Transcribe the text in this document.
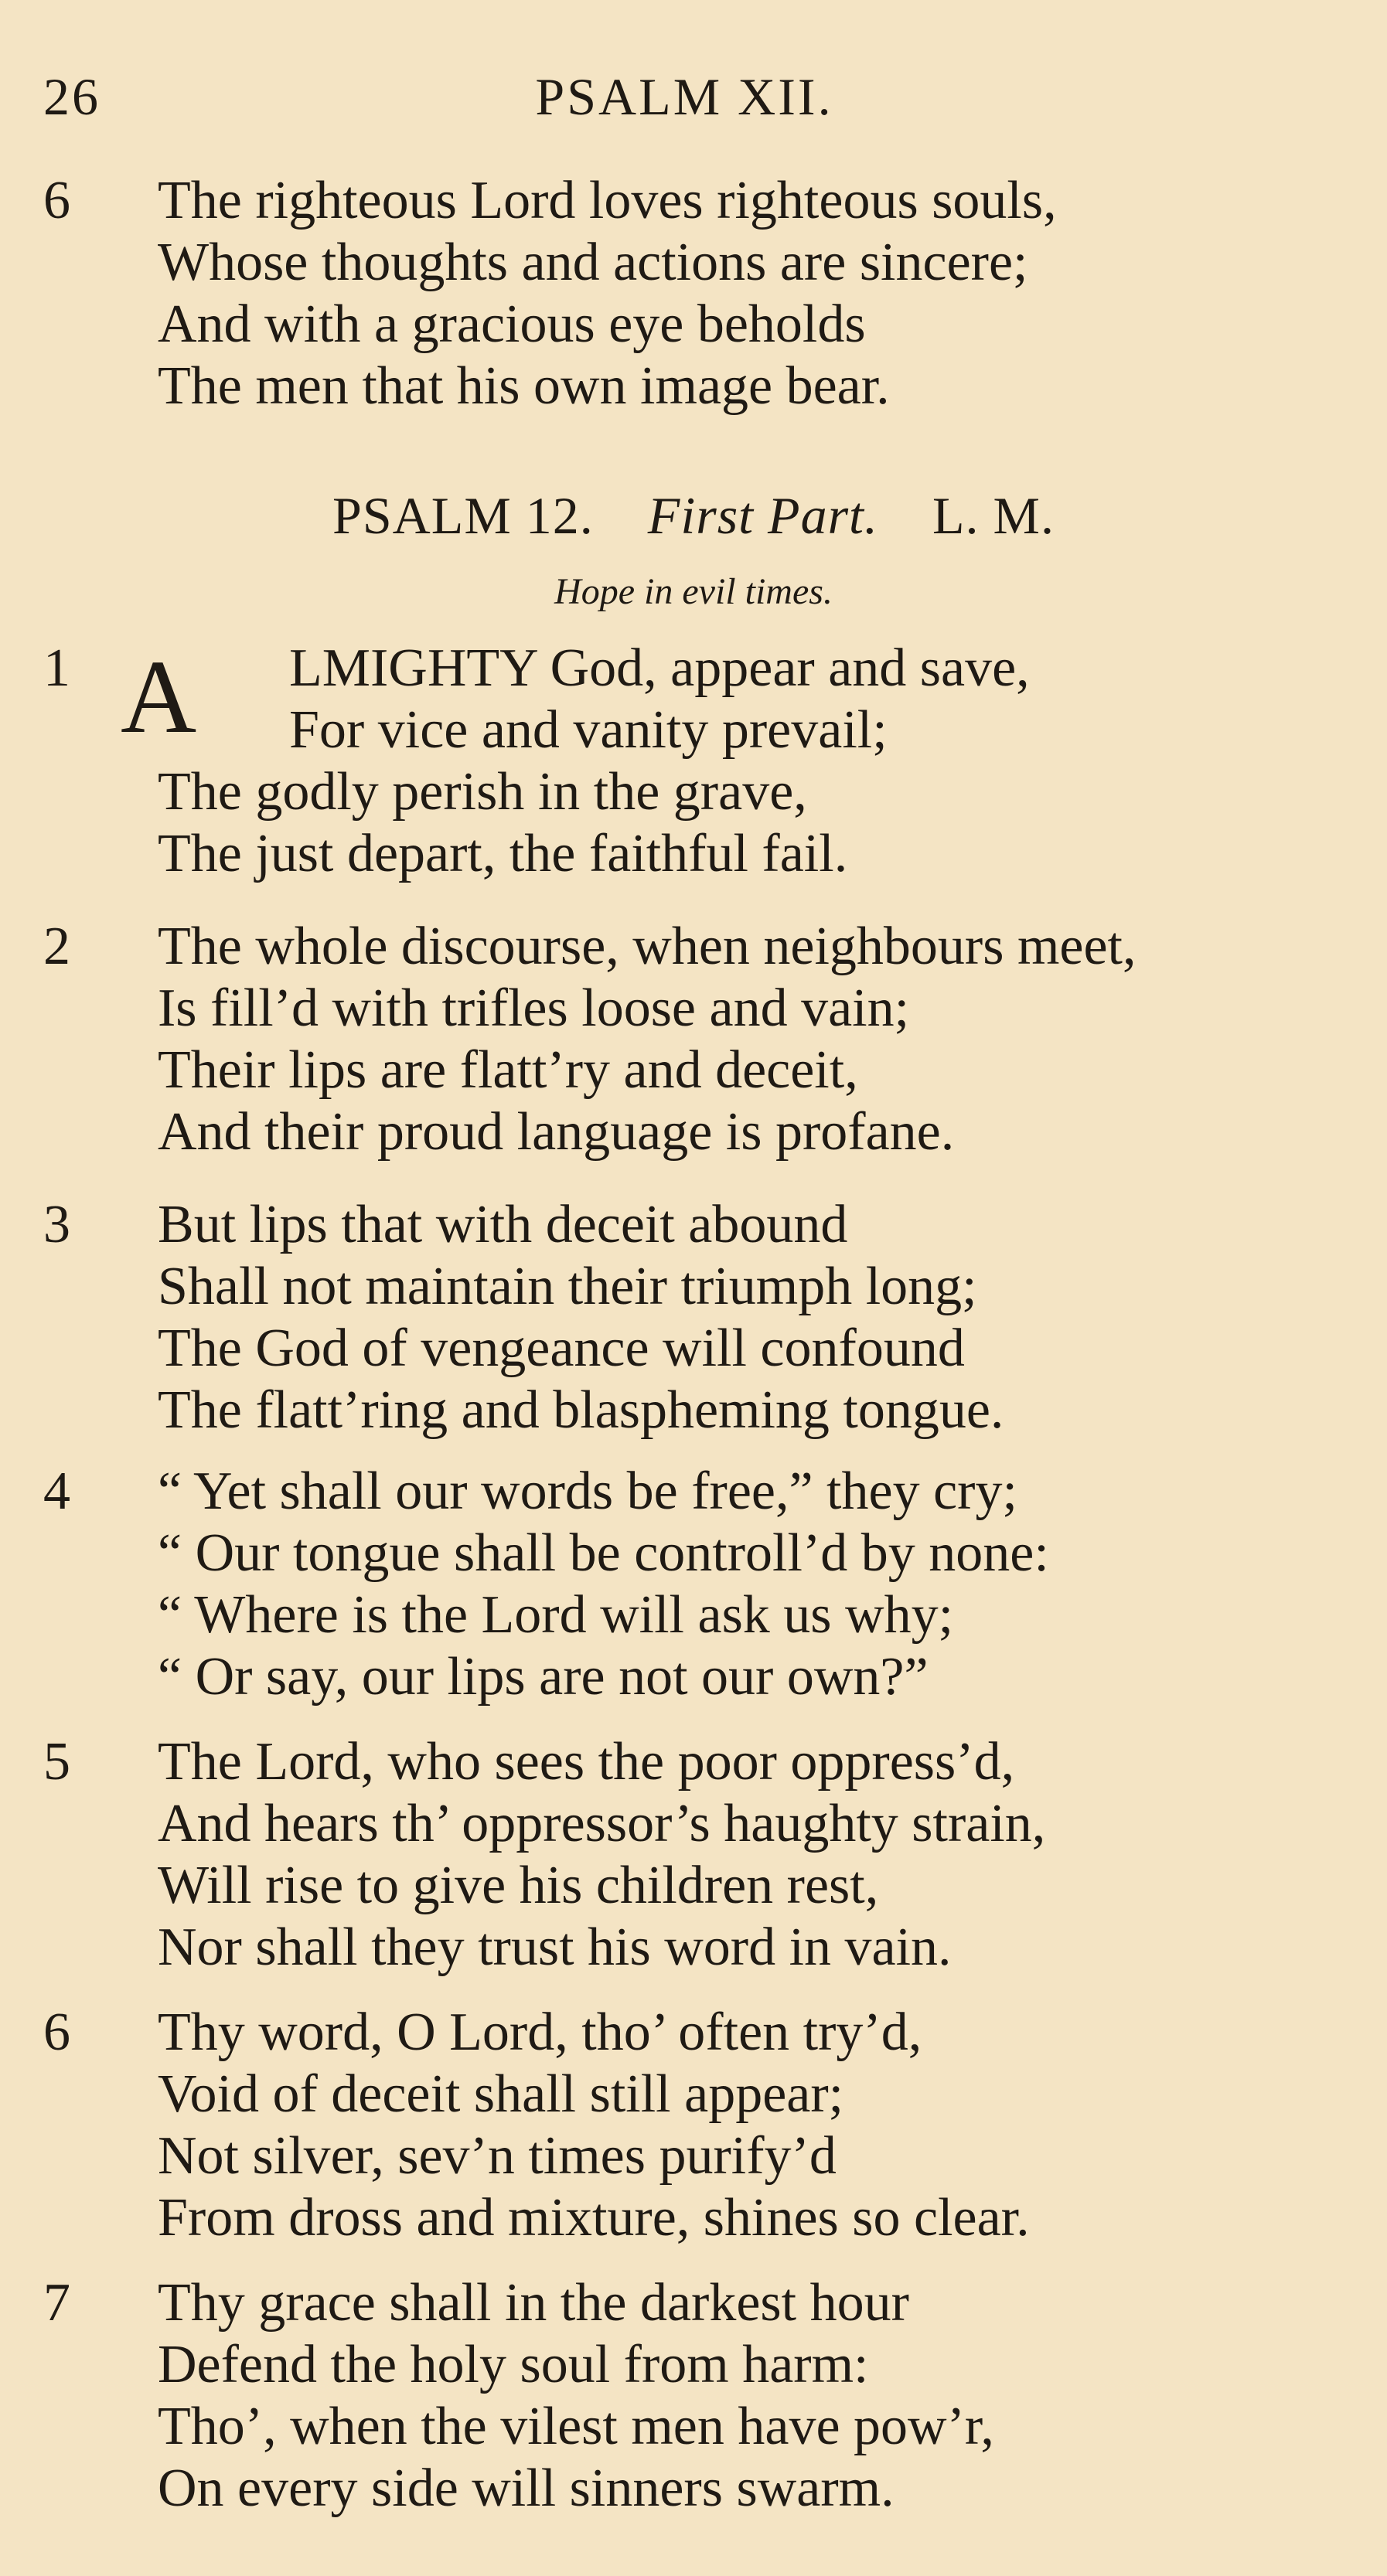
26	PSALM XII.
6 The righteous Lord loves righteous souls,
Whose thoughts and actions are sincere;
And with a gracious eye beholds
The men that his own image bear.
PSALM 12. First Part. L. M.
Hope in evil times.
A
1	LMIGHTY God, appear and save,
For vice and vanity prevail;
The godly perish in the grave,
The just depart, the faithful fail.
2 The whole discourse, when neighbours meet,
Is fill’d with trifles loose and vain;
Their lips are flatt’ry and deceit,
And their proud language is profane.
3 But lips that with deceit abound
Shall not maintain their triumph long;
The God of vengeance will confound
The flatt’ring and blaspheming tongue.
4 “ Yet shall our words be free,” they cry;
“ Our tongue shall be controll’d by none:
“ Where is the Lord will ask us why;
“ Or say, our lips are not our own?”
5 The Lord, who sees the poor oppress’d,
And hears th’ oppressor’s haughty strain,
Will rise to give his children rest,
Nor shall they trust his word in vain.
6 Thy word, O Lord, tho’ often try’d,
Void of deceit shall still appear;
Not silver, sev’n times purify’d
From dross and mixture, shines so clear.
7 Thy grace shall in the darkest hour
Defend the holy soul from harm:
Tho’, when the vilest men have pow’r,
On every side will sinners swarm.
